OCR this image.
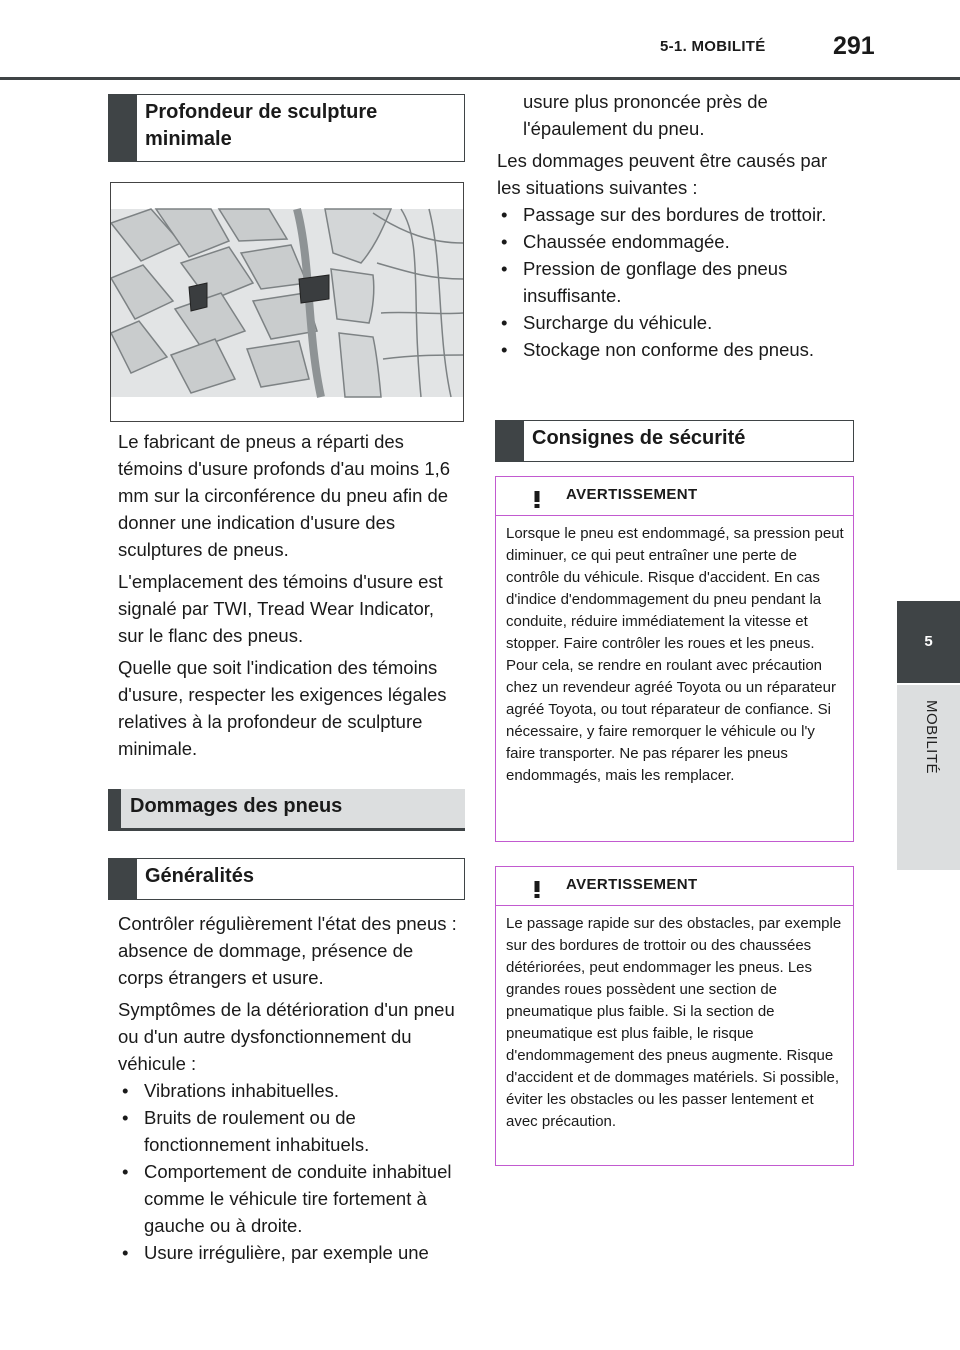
5-1. MOBILITÉ	291
5
MOBILITÉ
Profondeur de sculpture minimale

Le fabricant de pneus a réparti des témoins d'usure profonds d'au moins 1,6 mm sur la circonférence du pneu afin de donner une indication d'usure des sculptures de pneus.

L'emplacement des témoins d'usure est signalé par TWI, Tread Wear Indicator, sur le flanc des pneus.

Quelle que soit l'indication des témoins d'usure, respecter les exigences légales relatives à la profondeur de sculpture minimale.

Dommages des pneus
Généralités

Contrôler régulièrement l'état des pneus : absence de dommage, présence de corps étrangers et usure.

Symptômes de la détérioration d'un pneu ou d'un autre dysfonctionnement du véhicule :

• Vibrations inhabituelles.
• Bruits de roulement ou de fonctionnement inhabituels.
• Comportement de conduite inhabituel comme le véhicule tire fortement à gauche ou à droite.
• Usure irrégulière, par exemple une

usure plus prononcée près de l'épaulement du pneu.

Les dommages peuvent être causés par les situations suivantes :

• Passage sur des bordures de trottoir.
• Chaussée endommagée.
• Pression de gonflage des pneus insuffisante.
• Surcharge du véhicule.
• Stockage non conforme des pneus.
Consignes de sécurité
AVERTISSEMENT
Lorsque le pneu est endommagé, sa pression peut diminuer, ce qui peut entraîner une perte de contrôle du véhicule. Risque d'accident. En cas d'indice d'endommagement du pneu pendant la conduite, réduire immédiatement la vitesse et stopper. Faire contrôler les roues et les pneus. Pour cela, se rendre en roulant avec précaution chez un revendeur agréé Toyota ou un réparateur agréé Toyota, ou tout réparateur de confiance. Si nécessaire, y faire remorquer le véhicule ou l'y faire transporter. Ne pas réparer les pneus endommagés, mais les remplacer.
AVERTISSEMENT
Le passage rapide sur des obstacles, par exemple sur des bordures de trottoir ou des chaussées détériorées, peut endommager les pneus. Les grandes roues possèdent une section de pneumatique plus faible. Si la section de pneumatique est plus faible, le risque d'endommagement des pneus augmente. Risque d'accident et de dommages matériels. Si possible, éviter les obstacles ou les passer lentement et avec précaution.
